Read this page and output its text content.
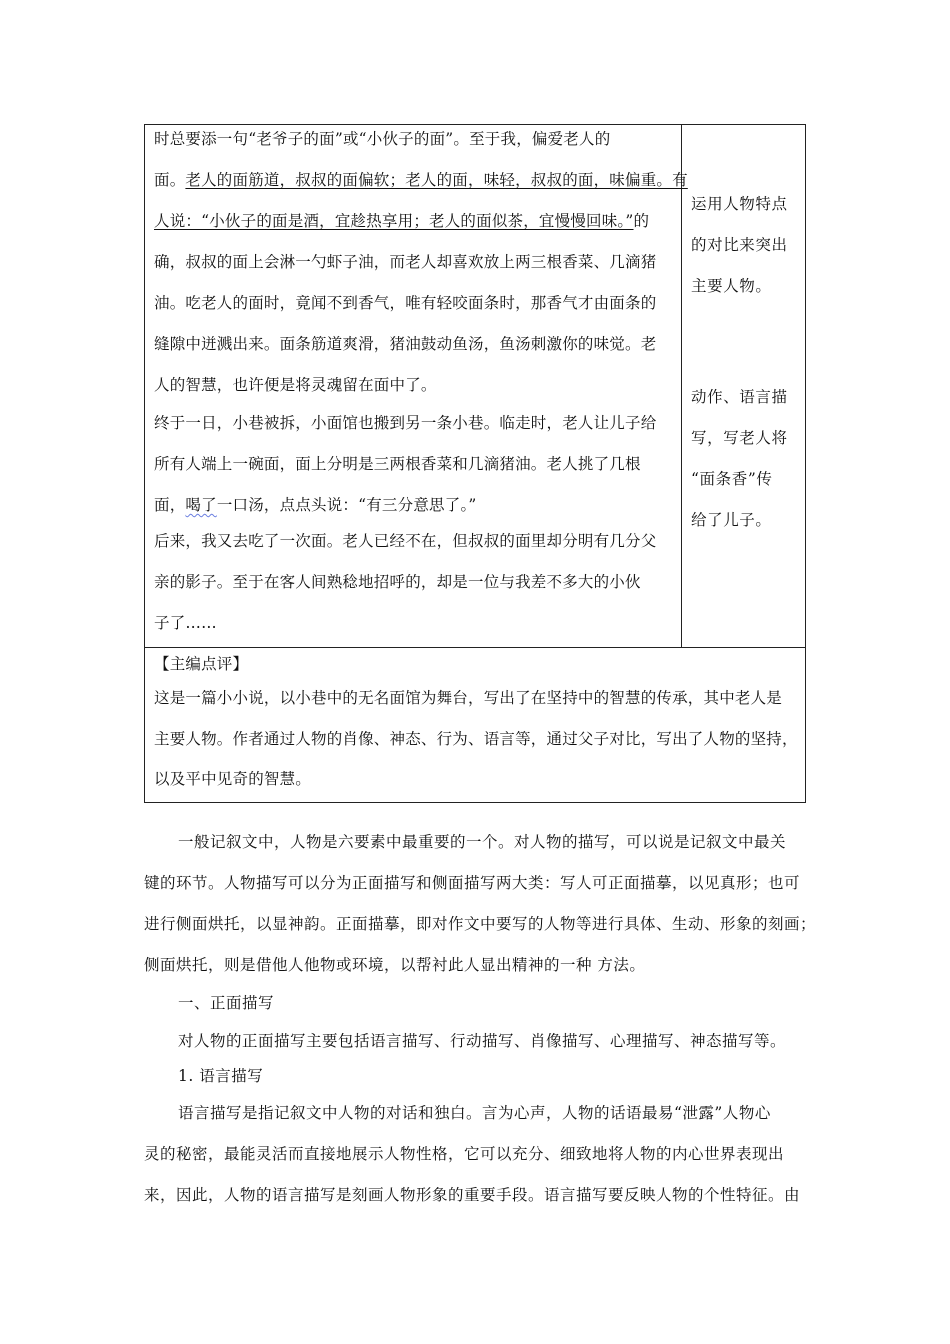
时总要添一句“老爷子的面”或“小伙子的面”。至于我，偏爱老人的
面。老人的面筋道，叔叔的面偏软；老人的面，味轻，叔叔的面，味偏重。有
人说：“小伙子的面是酒，宜趁热享用；老人的面似茶，宜慢慢回味。”的
确，叔叔的面上会淋一勺虾子油，而老人却喜欢放上两三根香菜、几滴猪
油。吃老人的面时，竟闻不到香气，唯有轻咬面条时，那香气才由面条的
缝隙中迸溅出来。面条筋道爽滑，猪油鼓动鱼汤，鱼汤刺激你的味觉。老
人的智慧，也许便是将灵魂留在面中了。
终于一日，小巷被拆，小面馆也搬到另一条小巷。临走时，老人让儿子给
所有人端上一碗面，面上分明是三两根香菜和几滴猪油。老人挑了几根
面，喝了一口汤，点点头说：“有三分意思了。”
后来，我又去吃了一次面。老人已经不在，但叔叔的面里却分明有几分父
亲的影子。至于在客人间熟稔地招呼的，却是一位与我差不多大的小伙
子了……
运用人物特点
的对比来突出
主要人物。
动作、语言描
写，写老人将
“面条香”传
给了儿子。
【主编点评】
这是一篇小小说，以小巷中的无名面馆为舞台，写出了在坚持中的智慧的传承，其中老人是
主要人物。作者通过人物的肖像、神态、行为、语言等，通过父子对比，写出了人物的坚持，
以及平中见奇的智慧。
一般记叙文中，人物是六要素中最重要的一个。对人物的描写，可以说是记叙文中最关
键的环节。人物描写可以分为正面描写和侧面描写两大类：写人可正面描摹，以见真形；也可
进行侧面烘托，以显神韵。正面描摹，即对作文中要写的人物等进行具体、生动、形象的刻画；
侧面烘托，则是借他人他物或环境，以帮衬此人显出精神的一种 方法。
一、正面描写
对人物的正面描写主要包括语言描写、行动描写、肖像描写、心理描写、神态描写等。
1. 语言描写
语言描写是指记叙文中人物的对话和独白。言为心声，人物的话语最易“泄露”人物心
灵的秘密，最能灵活而直接地展示人物性格，它可以充分、细致地将人物的内心世界表现出
来，因此，人物的语言描写是刻画人物形象的重要手段。语言描写要反映人物的个性特征。由
